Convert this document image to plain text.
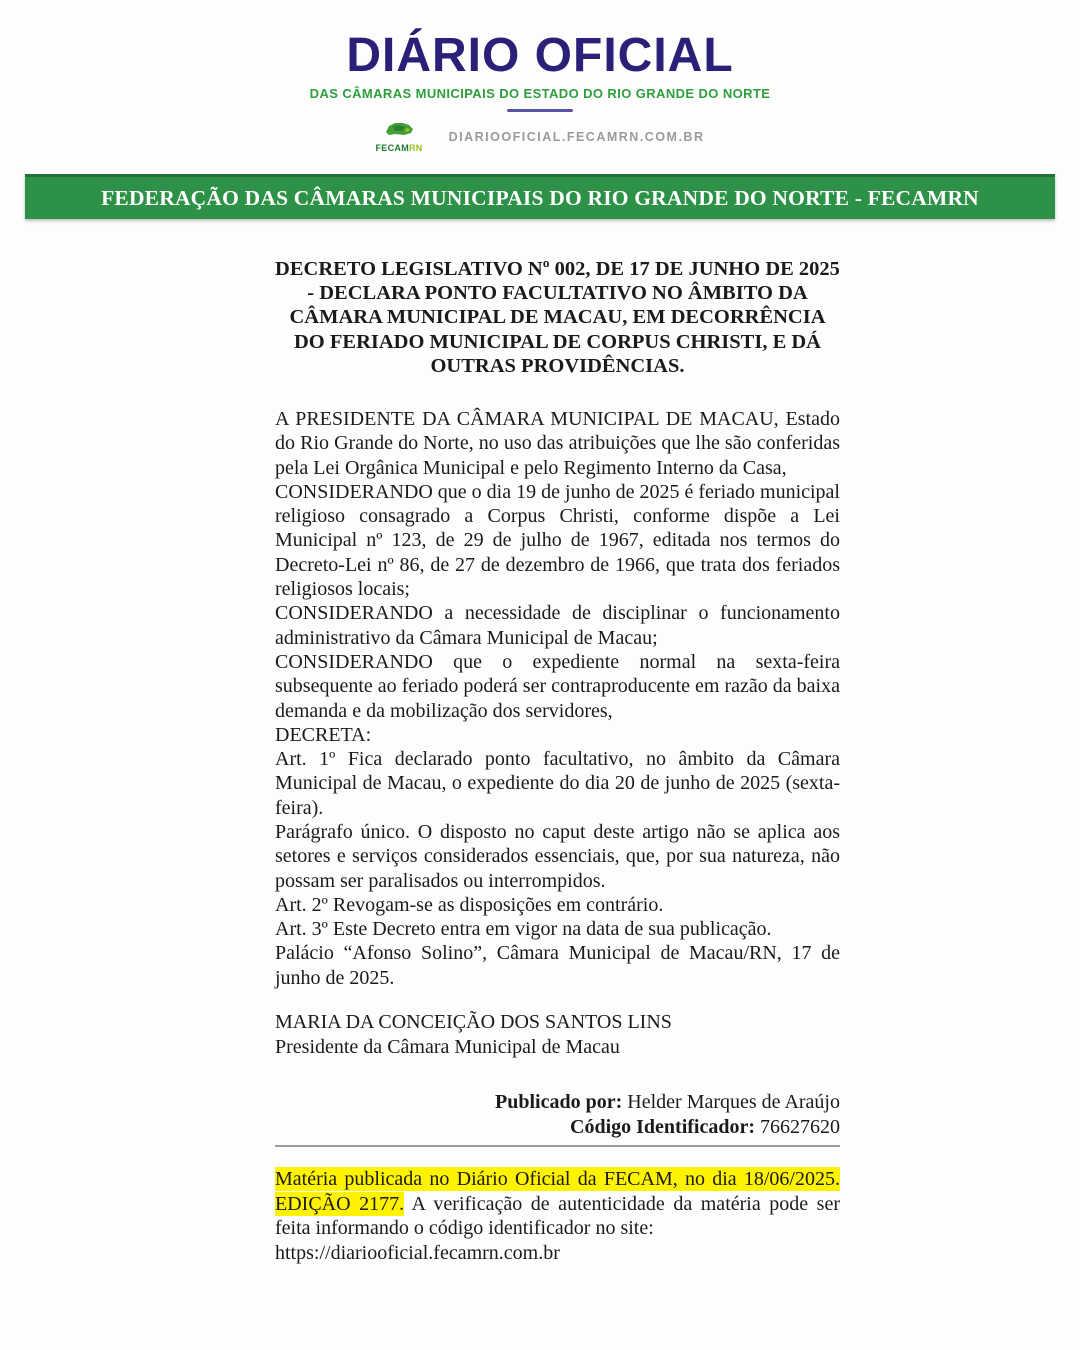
DIÁRIO OFICIAL
DAS CÂMARAS MUNICIPAIS DO ESTADO DO RIO GRANDE DO NORTE
FECAMRN
DIARIOOFICIAL.FECAMRN.COM.BR
FEDERAÇÃO DAS CÂMARAS MUNICIPAIS DO RIO GRANDE DO NORTE - FECAMRN
DECRETO LEGISLATIVO Nº 002, DE 17 DE JUNHO DE 2025 - DECLARA PONTO FACULTATIVO NO ÂMBITO DA CÂMARA MUNICIPAL DE MACAU, EM DECORRÊNCIA DO FERIADO MUNICIPAL DE CORPUS CHRISTI, E DÁ OUTRAS PROVIDÊNCIAS.

A PRESIDENTE DA CÂMARA MUNICIPAL DE MACAU, Estado do Rio Grande do Norte, no uso das atribuições que lhe são conferidas pela Lei Orgânica Municipal e pelo Regimento Interno da Casa,

CONSIDERANDO que o dia 19 de junho de 2025 é feriado municipal religioso consagrado a Corpus Christi, conforme dispõe a Lei Municipal nº 123, de 29 de julho de 1967, editada nos termos do Decreto-Lei nº 86, de 27 de dezembro de 1966, que trata dos feriados religiosos locais;

CONSIDERANDO a necessidade de disciplinar o funcionamento administrativo da Câmara Municipal de Macau;

CONSIDERANDO que o expediente normal na sexta-feira subsequente ao feriado poderá ser contraproducente em razão da baixa demanda e da mobilização dos servidores,

DECRETA:

Art. 1º Fica declarado ponto facultativo, no âmbito da Câmara Municipal de Macau, o expediente do dia 20 de junho de 2025 (sexta-feira).

Parágrafo único. O disposto no caput deste artigo não se aplica aos setores e serviços considerados essenciais, que, por sua natureza, não possam ser paralisados ou interrompidos.

Art. 2º Revogam-se as disposições em contrário.

Art. 3º Este Decreto entra em vigor na data de sua publicação.

Palácio “Afonso Solino”, Câmara Municipal de Macau/RN, 17 de junho de 2025.

MARIA DA CONCEIÇÃO DOS SANTOS LINS
Presidente da Câmara Municipal de Macau
Publicado por: Helder Marques de Araújo
Código Identificador: 76627620

Matéria publicada no Diário Oficial da FECAM, no dia 18/06/2025. EDIÇÃO 2177. A verificação de autenticidade da matéria pode ser feita informando o código identificador no site:
https://diariooficial.fecamrn.com.br
